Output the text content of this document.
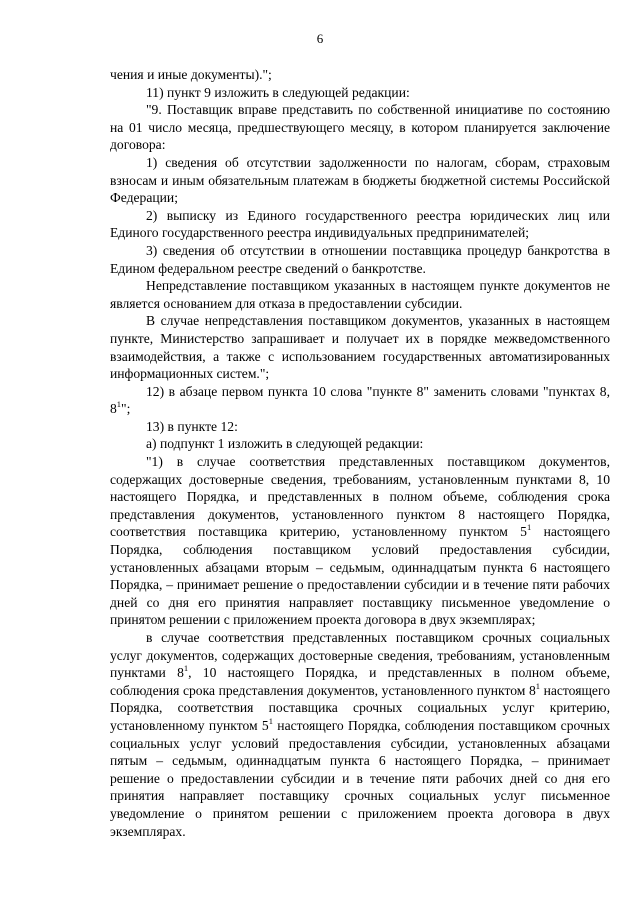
6

чения и иные документы).";

11) пункт 9 изложить в следующей редакции:

"9. Поставщик вправе представить по собственной инициативе по состоянию на 01 число месяца, предшествующего месяцу, в котором планируется заключение договора:

1) сведения об отсутствии задолженности по налогам, сборам, страховым взносам и иным обязательным платежам в бюджеты бюджетной системы Российской Федерации;

2) выписку из Единого государственного реестра юридических лиц или Единого государственного реестра индивидуальных предпринимателей;

3) сведения об отсутствии в отношении поставщика процедур банкротства в Едином федеральном реестре сведений о банкротстве.

Непредставление поставщиком указанных в настоящем пункте документов не является основанием для отказа в предоставлении субсидии.

В случае непредставления поставщиком документов, указанных в настоящем пункте, Министерство запрашивает и получает их в порядке межведомственного взаимодействия, а также с использованием государственных автоматизированных информационных систем.";

12) в абзаце первом пункта 10 слова "пункте 8" заменить словами "пунктах 8, $8^1$";

13) в пункте 12:

а) подпункт 1 изложить в следующей редакции:

"1) в случае соответствия представленных поставщиком документов, содержащих достоверные сведения, требованиям, установленным пунктами 8, 10 настоящего Порядка, и представленных в полном объеме, соблюдения срока представления документов, установленного пунктом 8 настоящего Порядка, соответствия поставщика критерию, установленному пунктом $5^1$ настоящего Порядка, соблюдения поставщиком условий предоставления субсидии, установленных абзацами вторым – седьмым, одиннадцатым пункта 6 настоящего Порядка, – принимает решение о предоставлении субсидии и в течение пяти рабочих дней со дня его принятия направляет поставщику письменное уведомление о принятом решении с приложением проекта договора в двух экземплярах;

в случае соответствия представленных поставщиком срочных социальных услуг документов, содержащих достоверные сведения, требованиям, установленным пунктами $8^1$, 10 настоящего Порядка, и представленных в полном объеме, соблюдения срока представления документов, установленного пунктом $8^1$ настоящего Порядка, соответствия поставщика срочных социальных услуг критерию, установленному пунктом $5^1$ настоящего Порядка, соблюдения поставщиком срочных социальных услуг условий предоставления субсидии, установленных абзацами пятым – седьмым, одиннадцатым пункта 6 настоящего Порядка, – принимает решение о предоставлении субсидии и в течение пяти рабочих дней со дня его принятия направляет поставщику срочных социальных услуг письменное уведомление о принятом решении с приложением проекта договора в двух экземплярах.
